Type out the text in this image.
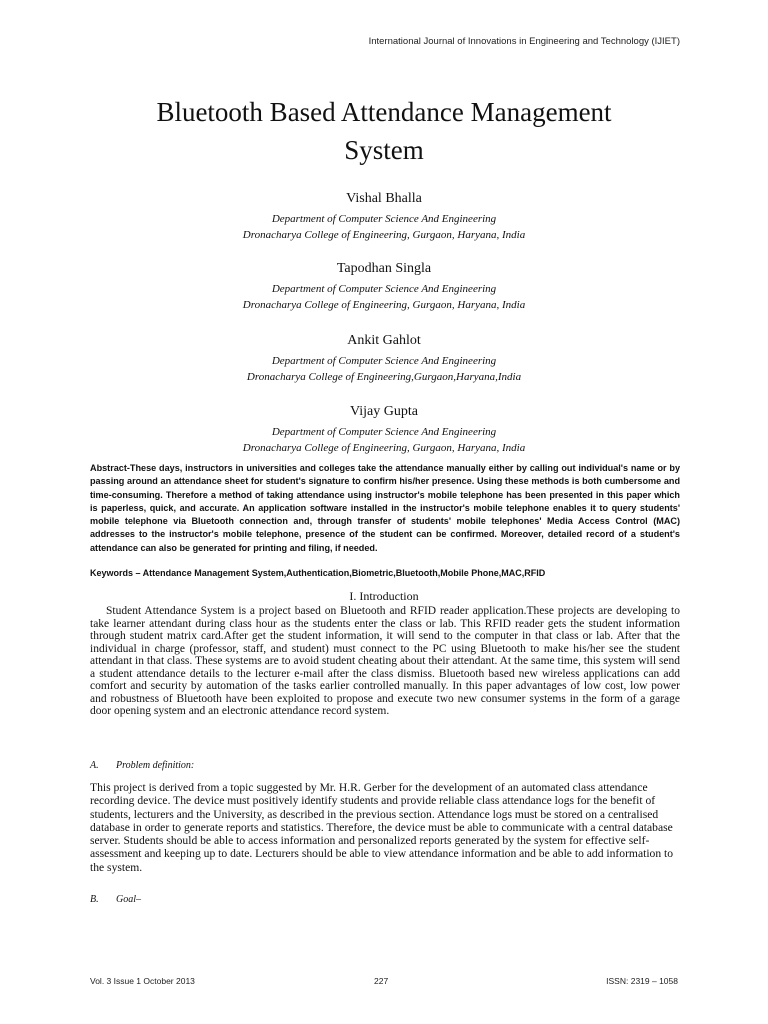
International Journal of Innovations in Engineering and Technology (IJIET)
Bluetooth Based Attendance Management
System
Vishal Bhalla
Department of Computer Science And Engineering
Dronacharya College of Engineering, Gurgaon, Haryana, India
Tapodhan Singla
Department of Computer Science And Engineering
Dronacharya College of Engineering, Gurgaon, Haryana, India
Ankit Gahlot
Department of Computer Science And Engineering
Dronacharya College of Engineering,Gurgaon,Haryana,India
Vijay Gupta
Department of Computer Science And Engineering
Dronacharya College of Engineering, Gurgaon, Haryana, India

Abstract-These days, instructors in universities and colleges take the attendance manually either by calling out individual's name or by passing around an attendance sheet for student's signature to confirm his/her presence. Using these methods is both cumbersome and time-consuming. Therefore a method of taking attendance using instructor's mobile telephone has been presented in this paper which is paperless, quick, and accurate. An application software installed in the instructor's mobile telephone enables it to query students' mobile telephone via Bluetooth connection and, through transfer of students' mobile telephones' Media Access Control (MAC) addresses to the instructor's mobile telephone, presence of the student can be confirmed. Moreover, detailed record of a student's attendance can also be generated for printing and filing, if needed.

Keywords – Attendance Management System,Authentication,Biometric,Bluetooth,Mobile Phone,MAC,RFID

I. Introduction

Student Attendance System is a project based on Bluetooth and RFID reader application.These projects are developing to take learner attendant during class hour as the students enter the class or lab. This RFID reader gets the student information through student matrix card.After get the student information, it will send to the computer in that class or lab. After that the individual in charge (professor, staff, and student) must connect to the PC using Bluetooth to make his/her see the student attendant in that class. These systems are to avoid student cheating about their attendant. At the same time, this system will send a student attendance details to the lecturer e-mail after the class dismiss. Bluetooth based new wireless applications can add comfort and security by automation of the tasks earlier controlled manually. In this paper advantages of low cost, low power and robustness of Bluetooth have been exploited to propose and execute two new consumer systems in the form of a garage door opening system and an electronic attendance record system.

A. Problem definition:

This project is derived from a topic suggested by Mr. H.R. Gerber for the development of an automated class attendance recording device. The device must positively identify students and provide reliable class attendance logs for the benefit of students, lecturers and the University, as described in the previous section. Attendance logs must be stored on a centralised database in order to generate reports and statistics. Therefore, the device must be able to communicate with a central database server. Students should be able to access information and personalized reports generated by the system for effective self-assessment and keeping up to date. Lecturers should be able to view attendance information and be able to add information to the system.

B. Goal–
Vol. 3 Issue 1 October 2013	227	ISSN: 2319 – 1058
